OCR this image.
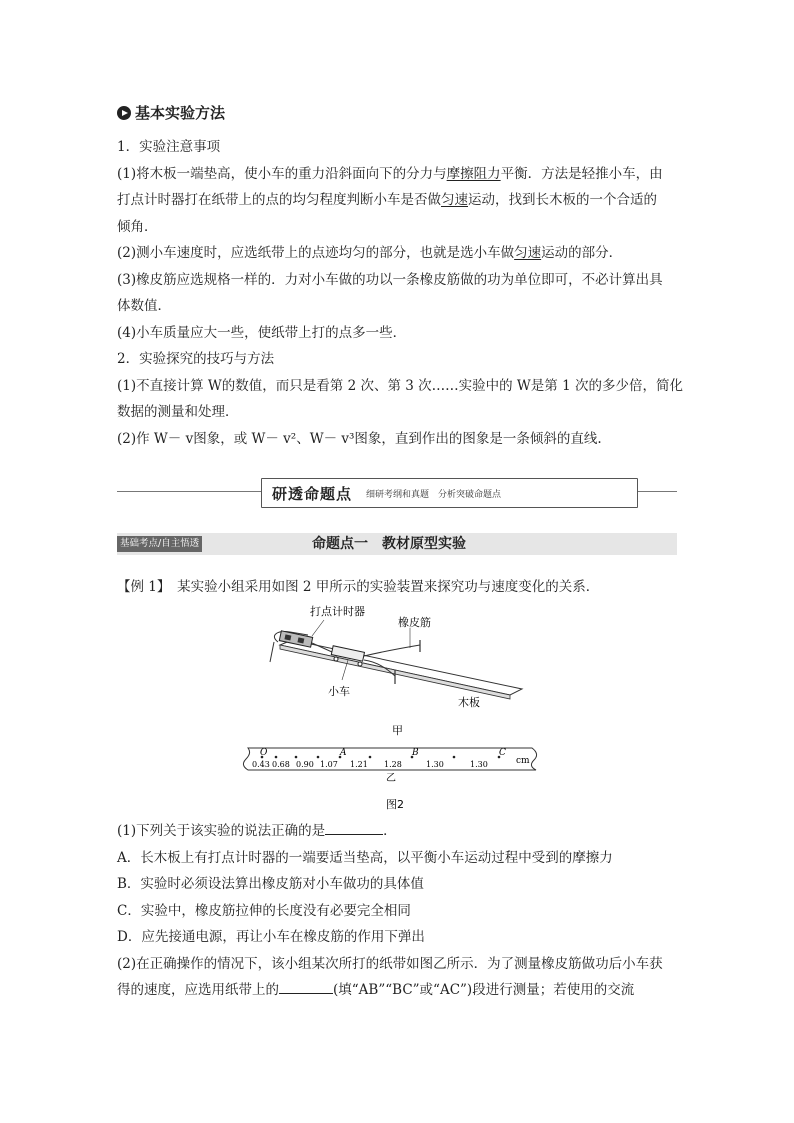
基本实验方法
1．实验注意事项
(1)将木板一端垫高，使小车的重力沿斜面向下的分力与摩擦阻力平衡．方法是轻推小车，由
打点计时器打在纸带上的点的均匀程度判断小车是否做匀速运动，找到长木板的一个合适的
倾角．
(2)测小车速度时，应选纸带上的点迹均匀的部分，也就是选小车做匀速运动的部分．
(3)橡皮筋应选规格一样的．力对小车做的功以一条橡皮筋做的功为单位即可，不必计算出具
体数值．
(4)小车质量应大一些，使纸带上打的点多一些．
2．实验探究的技巧与方法
(1)不直接计算 W的数值，而只是看第 2 次、第 3 次……实验中的 W是第 1 次的多少倍，简化
数据的测量和处理．
(2)作 W－ v图象，或 W－ v²、W－ v³图象，直到作出的图象是一条倾斜的直线.
研透命题点 细研考纲和真题　分析突破命题点
基础考点/自主悟透	命题点一　教材原型实验
【例 1】　某实验小组采用如图 2 甲所示的实验装置来探究功与速度变化的关系．
打点计时器
橡皮筋
小车
木板
甲
O	A	B	C
0.43 0.68 0.90 1.07 1.21 1.28	1.30	1.30	cm
乙
图2
(1)下列关于该实验的说法正确的是	．
A．长木板上有打点计时器的一端要适当垫高，以平衡小车运动过程中受到的摩擦力
B．实验时必须设法算出橡皮筋对小车做功的具体值
C．实验中，橡皮筋拉伸的长度没有必要完全相同
D．应先接通电源，再让小车在橡皮筋的作用下弹出
(2)在正确操作的情况下，该小组某次所打的纸带如图乙所示．为了测量橡皮筋做功后小车获
得的速度，应选用纸带上的	(填“AB”“BC”或“AC”)段进行测量；若使用的交流
